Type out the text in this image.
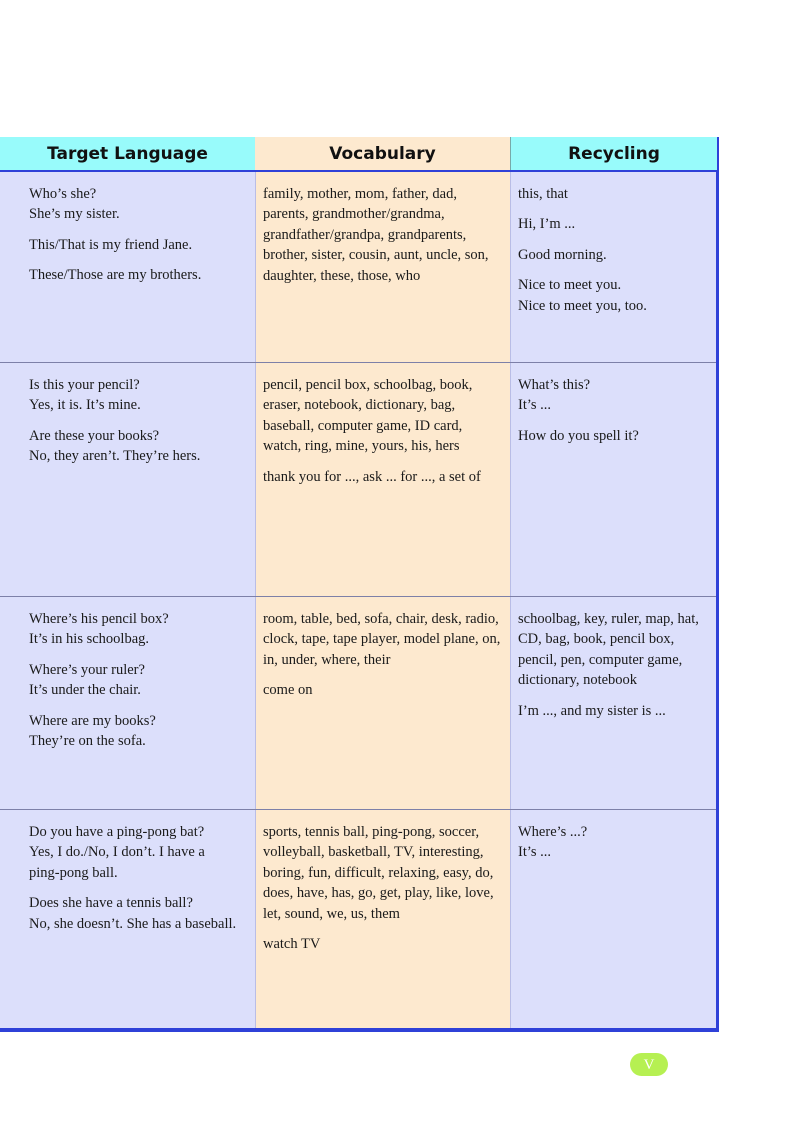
Target Language	Vocabulary	Recycling
Who’s she?
She’s my sister.
This/That is my friend Jane.
These/Those are my brothers.
family, mother, mom, father, dad,
parents, grandmother/grandma,
grandfather/grandpa, grandparents,
brother, sister, cousin, aunt, uncle, son,
daughter, these, those, who
this, that
Hi, I’m ...
Good morning.
Nice to meet you.
Nice to meet you, too.
Is this your pencil?
Yes, it is. It’s mine.
Are these your books?
No, they aren’t. They’re hers.
pencil, pencil box, schoolbag, book,
eraser, notebook, dictionary, bag,
baseball, computer game, ID card,
watch, ring, mine, yours, his, hers
thank you for ..., ask ... for ..., a set of
What’s this?
It’s ...
How do you spell it?
Where’s his pencil box?
It’s in his schoolbag.
Where’s your ruler?
It’s under the chair.
Where are my books?
They’re on the sofa.
room, table, bed, sofa, chair, desk, radio,
clock, tape, tape player, model plane, on,
in, under, where, their
come on
schoolbag, key, ruler, map, hat,
CD, bag, book, pencil box,
pencil, pen, computer game,
dictionary, notebook
I’m ..., and my sister is ...
Do you have a ping-pong bat?
Yes, I do./No, I don’t. I have a
ping-pong ball.
Does she have a tennis ball?
No, she doesn’t. She has a baseball.
sports, tennis ball, ping-pong, soccer,
volleyball, basketball, TV, interesting,
boring, fun, difficult, relaxing, easy, do,
does, have, has, go, get, play, like, love,
let, sound, we, us, them
watch TV
Where’s ...?
It’s ...
V
